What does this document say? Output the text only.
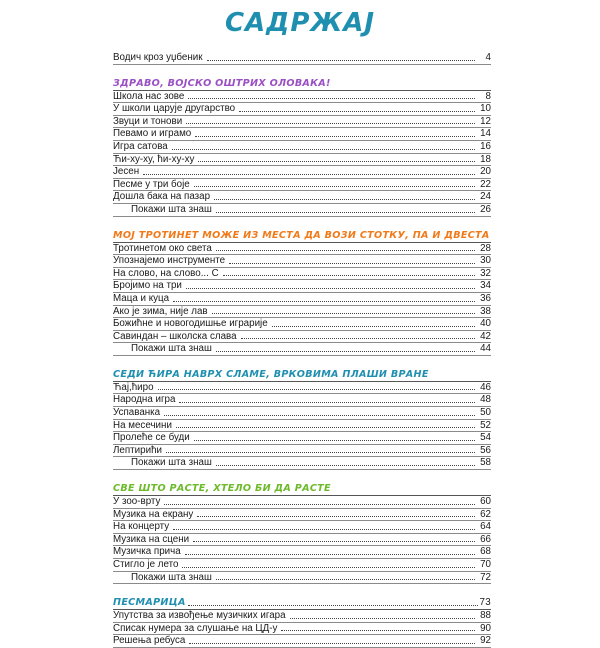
САДРЖАЈ
Водич кроз уџбеник	4
ЗДРАВО, ВОЈСКО ОШТРИХ ОЛОВАКА!
Школа нас зове	8
У школи царује другарство	10
Звуци и тонови	12
Певамо и играмо	14
Игра сатова	16
Ћи-ху-ху, ћи-ху-ху	18
Јесен	20
Песме у три боје	22
Дошла бака на пазар	24
Покажи шта знаш	26
МОЈ ТРОТИНЕТ МОЖЕ ИЗ МЕСТА ДА ВОЗИ СТОТКУ, ПА И ДВЕСТА
Тротинетом око света	28
Упознајемо инструменте	30
На слово, на слово... С	32
Бројимо на три	34
Маца и куца	36
Ако је зима, није лав	38
Божићне и новогодишње играрије	40
Савиндан – школска слава	42
Покажи шта знаш	44
СЕДИ ЋИРА НАВРХ СЛАМЕ, ВРКОВИМА ПЛАШИ ВРАНЕ
Ћај,ћиро	46
Народна игра	48
Успаванка	50
На месечини	52
Пролеће се буди	54
Лептирићи	56
Покажи шта знаш	58
СВЕ ШТО РАСТЕ, ХТЕЛО БИ ДА РАСТЕ
У зоо-врту	60
Музика на екрану	62
На концерту	64
Музика на сцени	66
Музичка прича	68
Стигло је лето	70
Покажи шта знаш	72
ПЕСМАРИЦА	73
Упутства за извођење музичких игара	88
Списак нумера за слушање на ЦД-у	90
Решења ребуса	92
